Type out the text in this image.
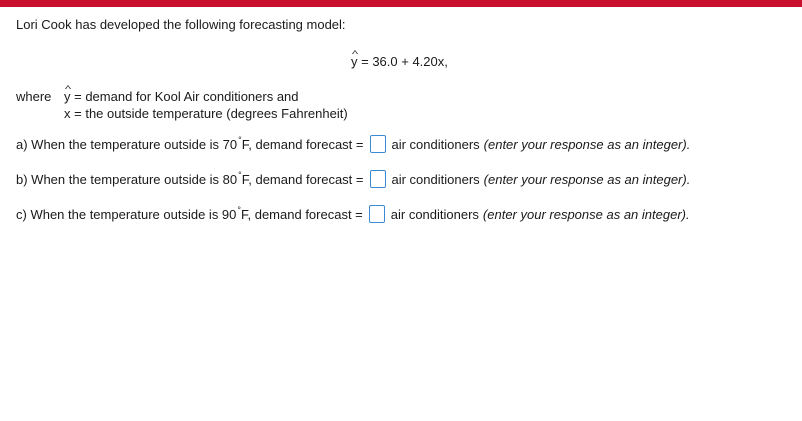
Lori Cook has developed the following forecasting model:
y = 36.0 + 4.20x,
where y = demand for Kool Air conditioners and
x = the outside temperature (degrees Fahrenheit)
a) When the temperature outside is 70° F, demand forecast = air conditioners (enter your response as an integer).
b) When the temperature outside is 80° F, demand forecast = air conditioners (enter your response as an integer).
c) When the temperature outside is 90° F, demand forecast = air conditioners (enter your response as an integer).
